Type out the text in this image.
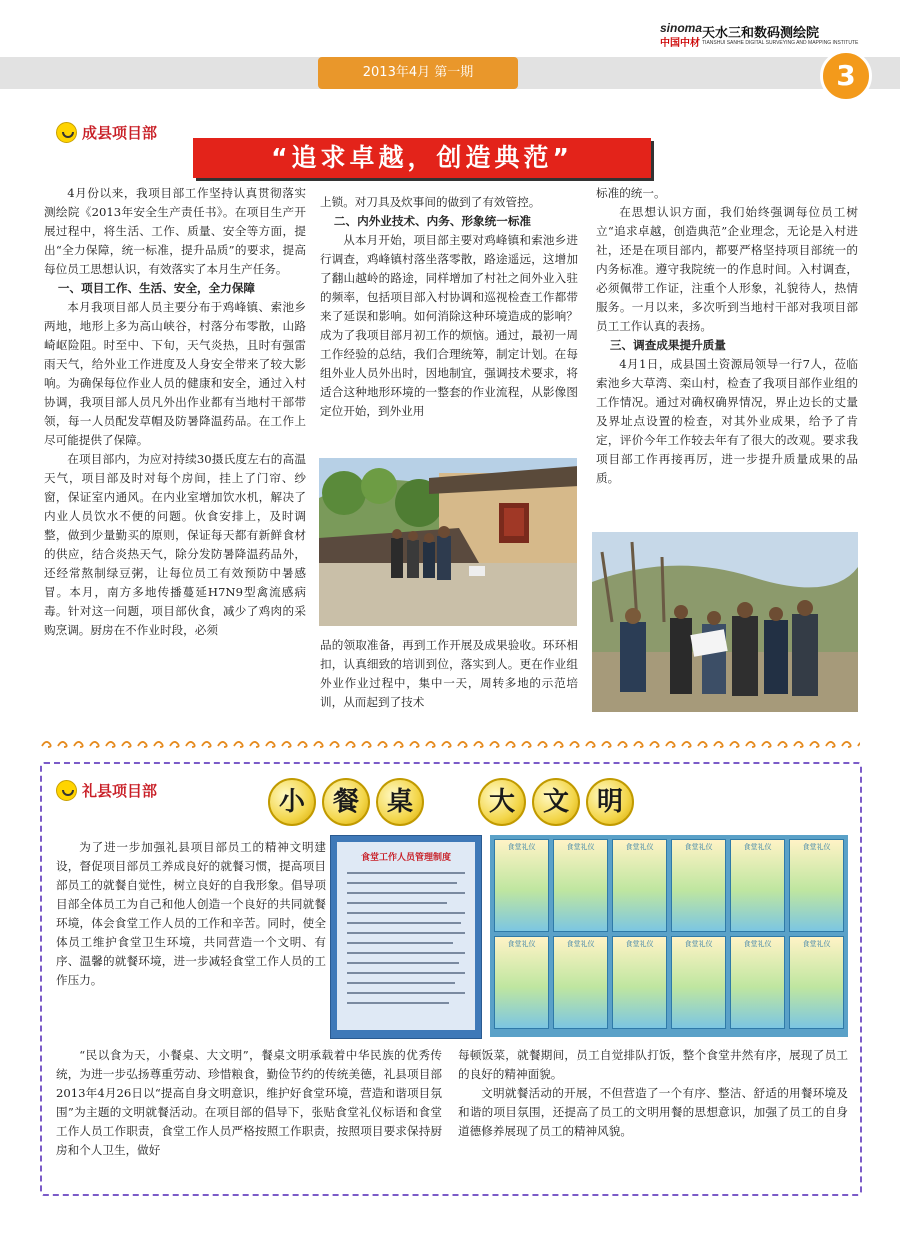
sinoma
中国中材
天水三和数码测绘院
TIANSHUI SANHE DIGITAL SURVEYING AND MAPPING INSTITUTE
2013年4月 第一期	3
成县项目部
“追求卓越，创造典范”

4月份以来，我项目部工作坚持认真贯彻落实测绘院《2013年安全生产责任书》。在项目生产开展过程中，将生活、工作、质量、安全等方面，提出“全力保障，统一标准，提升品质”的要求，提高每位员工思想认识，有效落实了本月生产任务。

一、项目工作、生活、安全，全力保障

本月我项目部人员主要分布于鸡峰镇、索池乡两地，地形上多为高山峡谷，村落分布零散，山路崎岖险阻。时至中、下旬，天气炎热，且时有强雷雨天气，给外业工作进度及人身安全带来了较大影响。为确保每位作业人员的健康和安全，通过入村协调，我项目部人员凡外出作业都有当地村干部带领，每一人员配发草帽及防暑降温药品。在工作上尽可能提供了保障。

在项目部内，为应对持续30摄氏度左右的高温天气，项目部及时对每个房间，挂上了门帘、纱窗，保证室内通风。在内业室增加饮水机，解决了内业人员饮水不便的问题。伙食安排上，及时调整，做到少量勤买的原则，保证每天都有新鲜食材的供应，结合炎热天气，除分发防暑降温药品外，还经常熬制绿豆粥，让每位员工有效预防中暑感冒。本月，南方多地传播蔓延H7N9型禽流感病毒。针对这一问题，项目部伙食，减少了鸡肉的采购烹调。厨房在不作业时段，必须

上锁。对刀具及炊事间的做到了有效管控。

二、内外业技术、内务、形象统一标准

从本月开始，项目部主要对鸡峰镇和索池乡进行调查，鸡峰镇村落坐落零散，路途遥远，这增加了翻山越岭的路途，同样增加了村社之间外业入驻的频率，包括项目部入村协调和巡视检查工作都带来了延误和影响。如何消除这种环境造成的影响？成为了我项目部月初工作的烦恼。通过，最初一周工作经验的总结，我们合理统筹，制定计划。在每组外业人员外出时，因地制宜，强调技术要求，将适合这种地形环境的一整套的作业流程，从影像图定位开始，到外业用

品的领取准备，再到工作开展及成果验收。环环相扣，认真细致的培训到位，落实到人。更在作业组外业作业过程中，集中一天，周转多地的示范培训，从而起到了技术

标准的统一。

在思想认识方面，我们始终强调每位员工树立“追求卓越，创造典范”企业理念，无论是入村进社，还是在项目部内，都要严格坚持项目部统一的内务标准。遵守我院统一的作息时间。入村调查，必须佩带工作证，注重个人形象，礼貌待人，热情服务。一月以来，多次听到当地村干部对我项目部员工工作认真的表扬。

三、调查成果提升质量

4月1日，成县国土资源局领导一行7人，莅临索池乡大草湾、栾山村，检查了我项目部作业组的工作情况。通过对确权确界情况，界止边长的丈量及界址点设置的检查，对其外业成果，给予了肯定，评价今年工作较去年有了很大的改观。要求我项目部工作再接再厉，进一步提升质量成果的品质。

礼县项目部	小	餐	桌	大	文	明

为了进一步加强礼县项目部员工的精神文明建设，督促项目部员工养成良好的就餐习惯，提高项目部员工的就餐自觉性，树立良好的自我形象。倡导项目部全体员工为自己和他人创造一个良好的共同就餐环境，体会食堂工作人员的工作和辛苦。同时，使全体员工维护食堂卫生环境，共同营造一个文明、有序、温馨的就餐环境，进一步减轻食堂工作人员的工作压力。

食堂工作人员管理制度
食堂礼仪	食堂礼仪	食堂礼仪	食堂礼仪	食堂礼仪	食堂礼仪
食堂礼仪	食堂礼仪	食堂礼仪	食堂礼仪	食堂礼仪	食堂礼仪

“民以食为天，小餐桌、大文明”，餐桌文明承载着中华民族的优秀传统，为进一步弘扬尊重劳动、珍惜粮食，勤俭节约的传统美德，礼县项目部2013年4月26日以“提高自身文明意识，维护好食堂环境，营造和谐项目氛围”为主题的文明就餐活动。在项目部的倡导下，张贴食堂礼仪标语和食堂工作人员工作职责，食堂工作人员严格按照工作职责，按照项目要求保持厨房和个人卫生，做好

每顿饭菜，就餐期间，员工自觉排队打饭，整个食堂井然有序，展现了员工的良好的精神面貌。

文明就餐活动的开展，不但营造了一个有序、整洁、舒适的用餐环境及和谐的项目氛围，还提高了员工的文明用餐的思想意识，加强了员工的自身道德修养展现了员工的精神风貌。
